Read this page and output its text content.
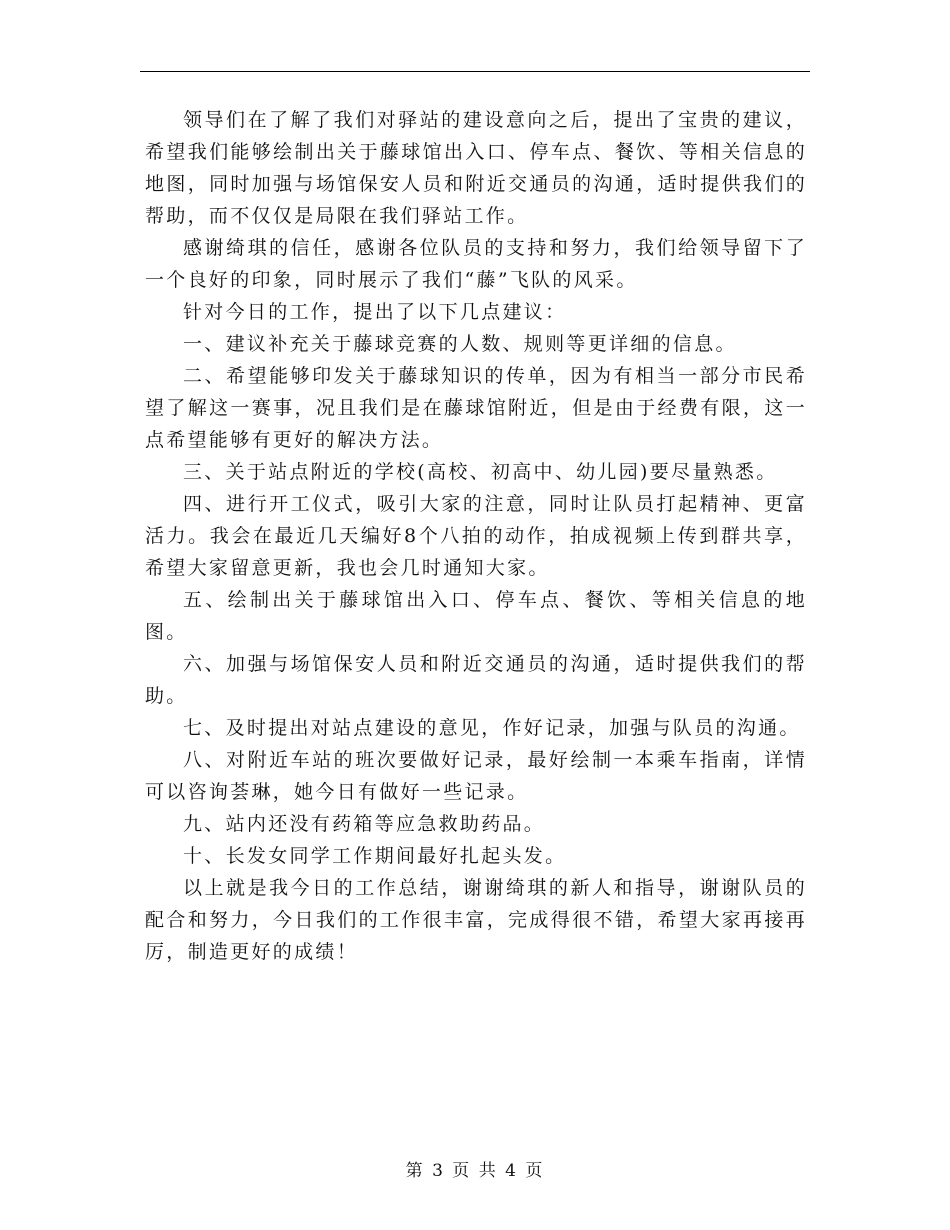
领导们在了解了我们对驿站的建设意向之后，提出了宝贵的建议，希望我们能够绘制出关于藤球馆出入口、停车点、餐饮、等相关信息的地图，同时加强与场馆保安人员和附近交通员的沟通，适时提供我们的帮助，而不仅仅是局限在我们驿站工作。

感谢绮琪的信任，感谢各位队员的支持和努力，我们给领导留下了一个良好的印象，同时展示了我们“藤”飞队的风采。

针对今日的工作，提出了以下几点建议：

一、建议补充关于藤球竞赛的人数、规则等更详细的信息。

二、希望能够印发关于藤球知识的传单，因为有相当一部分市民希望了解这一赛事，况且我们是在藤球馆附近，但是由于经费有限，这一点希望能够有更好的解决方法。

三、关于站点附近的学校(高校、初高中、幼儿园)要尽量熟悉。

四、进行开工仪式，吸引大家的注意，同时让队员打起精神、更富活力。我会在最近几天编好8个八拍的动作，拍成视频上传到群共享，希望大家留意更新，我也会几时通知大家。

五、绘制出关于藤球馆出入口、停车点、餐饮、等相关信息的地图。

六、加强与场馆保安人员和附近交通员的沟通，适时提供我们的帮助。

七、及时提出对站点建设的意见，作好记录，加强与队员的沟通。

八、对附近车站的班次要做好记录，最好绘制一本乘车指南，详情可以咨询荟琳，她今日有做好一些记录。

九、站内还没有药箱等应急救助药品。

十、长发女同学工作期间最好扎起头发。

以上就是我今日的工作总结，谢谢绮琪的新人和指导，谢谢队员的配合和努力，今日我们的工作很丰富，完成得很不错，希望大家再接再厉，制造更好的成绩！

第 3 页 共 4 页
